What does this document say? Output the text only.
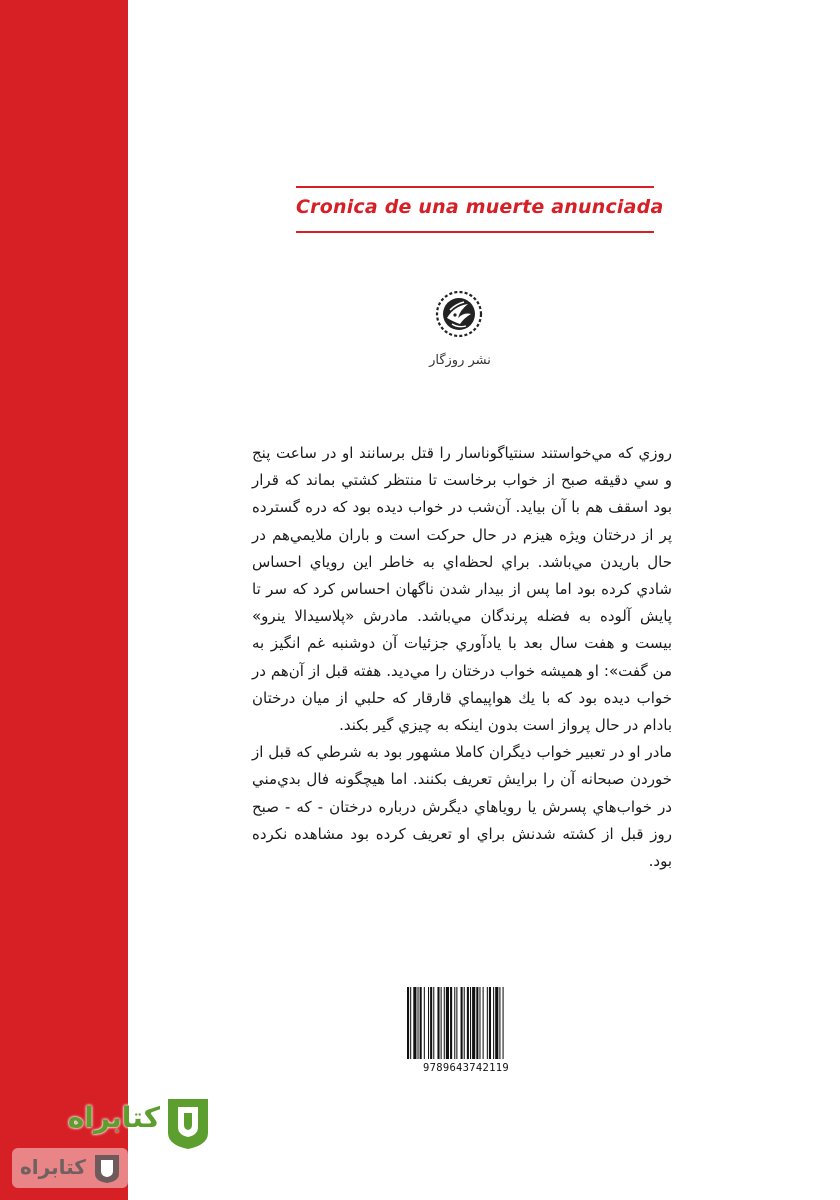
Cronica de una muerte anunciada
نشر روزگار

روزي كه مي‌خواستند سنتياگوناسار را قتل برسانند او در ساعت پنج و سي دقيقه صبح از خواب برخاست تا منتظر كشتي بماند كه قرار بود اسقف هم با آن بيايد. آن‌شب در خواب ديده بود كه دره گسترده پر از درختان ويژه هيزم در حال حركت است و باران ملايمي‌هم در حال باريدن مي‌باشد. براي لحظه‌اي به خاطر اين روياي احساس شادي كرده بود اما پس از بيدار شدن ناگهان احساس كرد كه سر تا پايش آلوده به فضله پرندگان مي‌باشد. مادرش «پلاسيدالا ينرو» بيست و هفت سال بعد با يادآوري جزئيات آن دوشنبه غم انگيز به من گفت»: او هميشه خواب درختان را مي‌ديد. هفته قبل از آن‌هم در خواب ديده بود كه با يك هواپيماي قارقار كه حلبي از ميان درختان بادام در حال پرواز است بدون اينكه به چيزي گير بكند.

مادر او در تعبير خواب ديگران كاملا مشهور بود به شرطي كه قبل از خوردن صبحانه آن را برايش تعريف بكنند. اما هيچگونه فال بدي‌مني در خواب‌هاي پسرش يا روياهاي ديگرش درباره درختان - كه - صبح روز قبل از كشته شدنش براي او تعريف كرده بود مشاهده نكرده بود.

9789643742119
کتابراه
کتابراه
